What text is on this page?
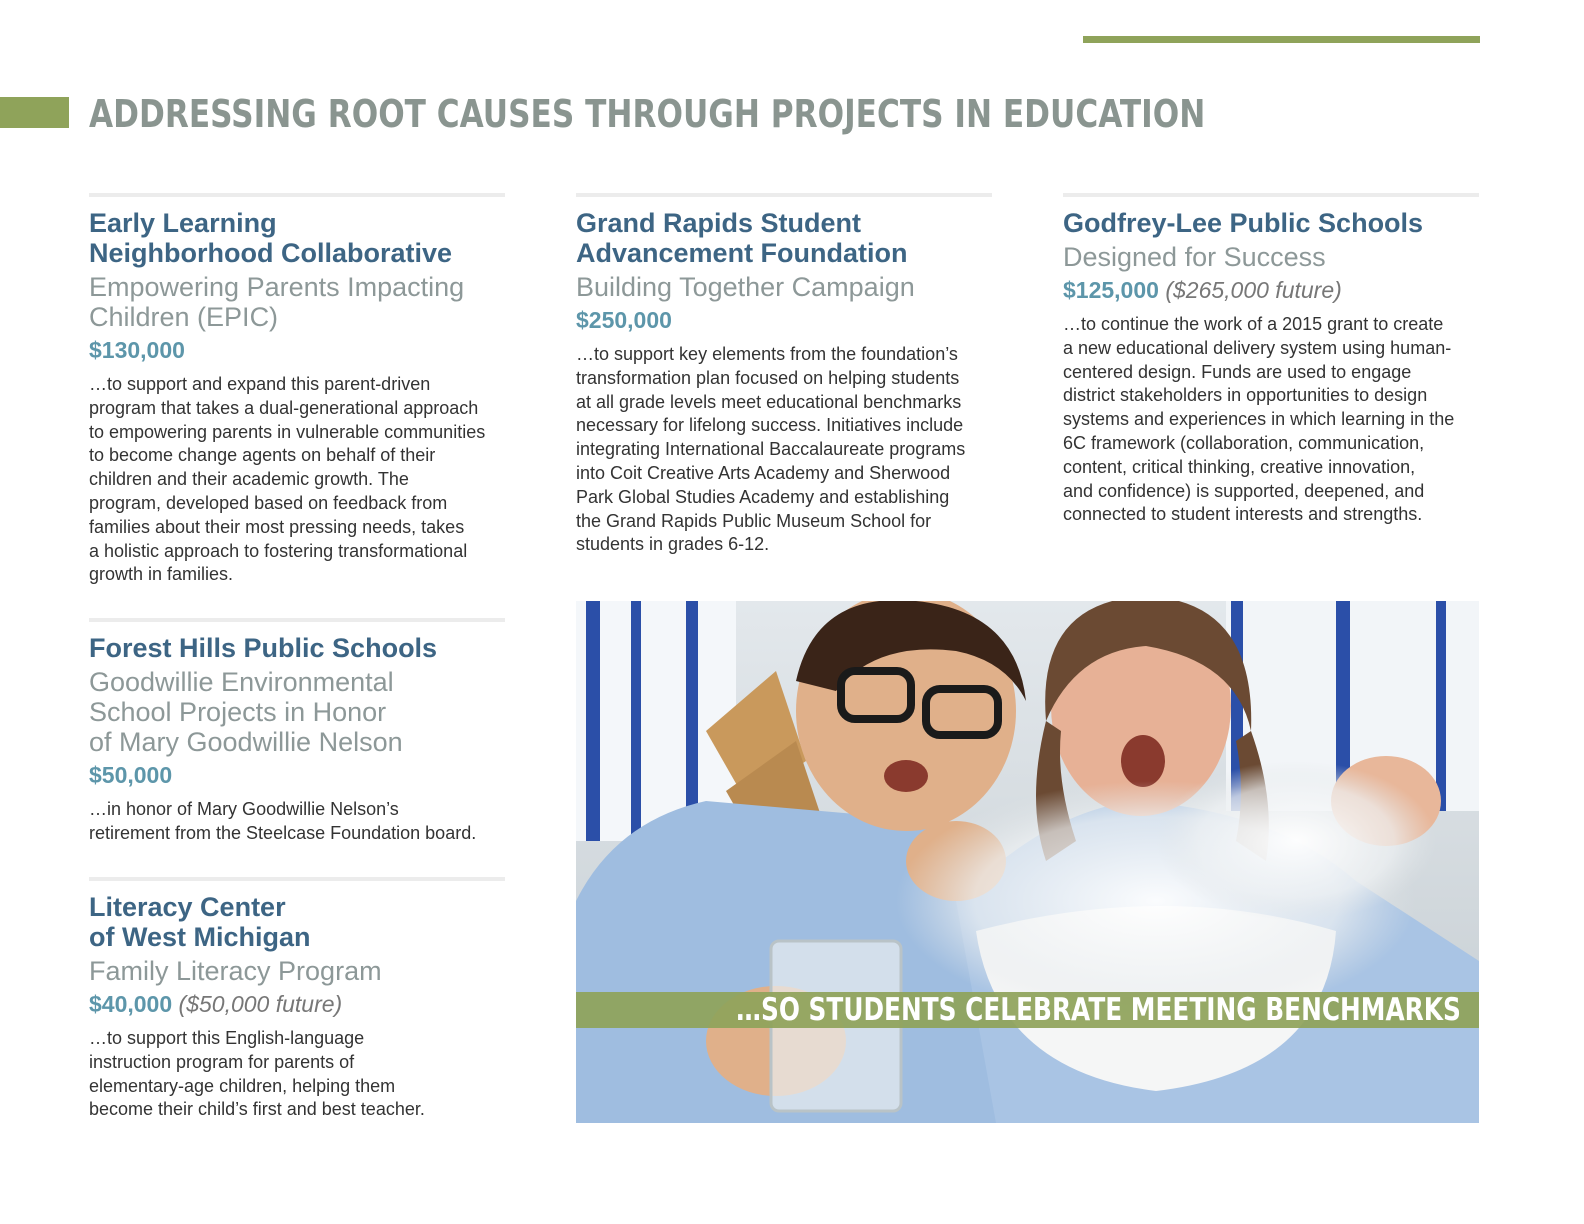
ADDRESSING ROOT CAUSES THROUGH PROJECTS IN EDUCATION
Early Learning
Neighborhood Collaborative

Empowering Parents Impacting
Children (EPIC)

$130,000

…to support and expand this parent-driven
program that takes a dual-generational approach
to empowering parents in vulnerable communities
to become change agents on behalf of their
children and their academic growth. The
program, developed based on feedback from
families about their most pressing needs, takes
a holistic approach to fostering transformational
growth in families.

Grand Rapids Student
Advancement Foundation

Building Together Campaign

$250,000

…to support key elements from the foundation’s
transformation plan focused on helping students
at all grade levels meet educational benchmarks
necessary for lifelong success. Initiatives include
integrating International Baccalaureate programs
into Coit Creative Arts Academy and Sherwood
Park Global Studies Academy and establishing
the Grand Rapids Public Museum School for
students in grades 6-12.

Godfrey-Lee Public Schools

Designed for Success

$125,000 ($265,000 future)

…to continue the work of a 2015 grant to create
a new educational delivery system using human-
centered design. Funds are used to engage
district stakeholders in opportunities to design
systems and experiences in which learning in the
6C framework (collaboration, communication,
content, critical thinking, creative innovation,
and confidence) is supported, deepened, and
connected to student interests and strengths.

Forest Hills Public Schools

Goodwillie Environmental
School Projects in Honor
of Mary Goodwillie Nelson

$50,000

…in honor of Mary Goodwillie Nelson’s
retirement from the Steelcase Foundation board.

Literacy Center
of West Michigan

Family Literacy Program

$40,000 ($50,000 future)

…to support this English-language
instruction program for parents of
elementary-age children, helping them
become their child’s first and best teacher.

…SO STUDENTS CELEBRATE MEETING BENCHMARKS
